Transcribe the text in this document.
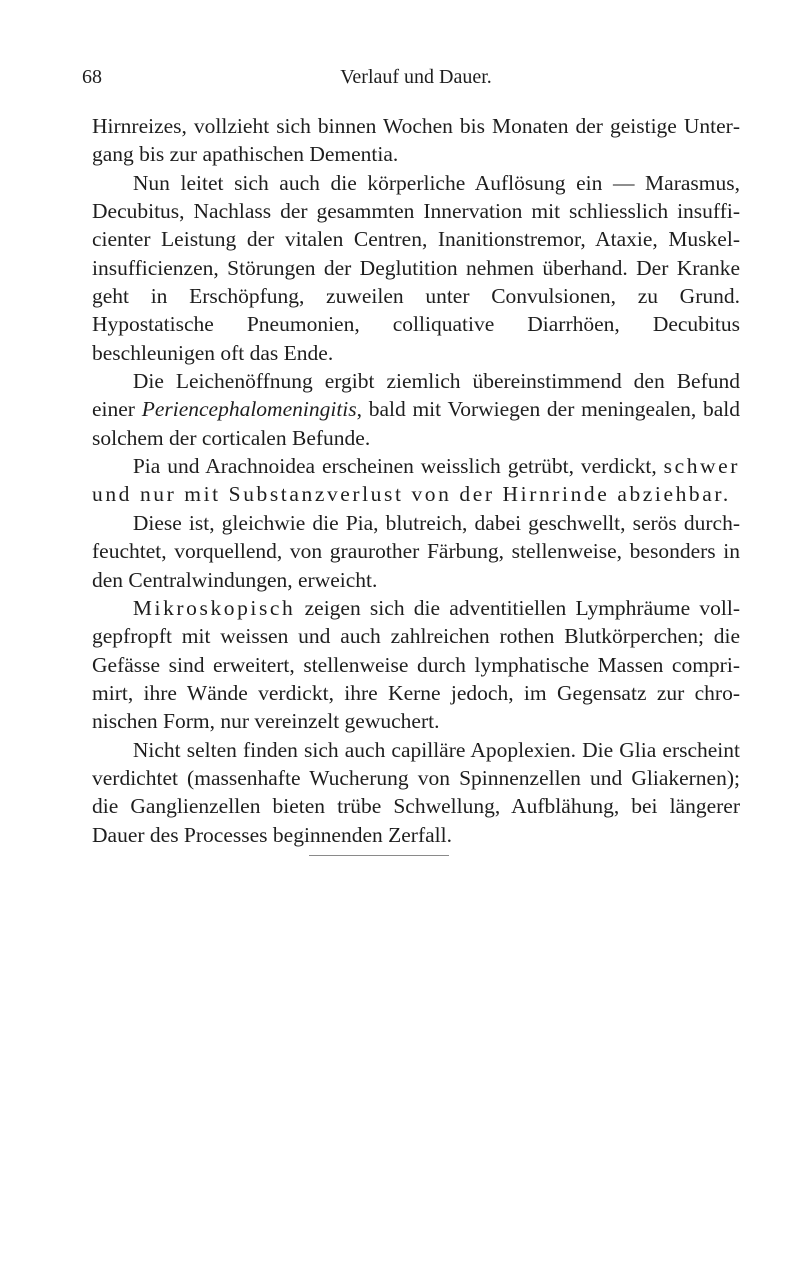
68	Verlauf und Dauer.

Hirnreizes, vollzieht sich binnen Wochen bis Monaten der geistige Untergang bis zur apathischen Dementia.

Nun leitet sich auch die körperliche Auflösung ein — Marasmus, Decubitus, Nachlass der gesammten Innervation mit schliesslich insufficienter Leistung der vitalen Centren, Inanitionstremor, Ataxie, Muskelinsufficienzen, Störungen der Deglutition nehmen überhand. Der Kranke geht in Erschöpfung, zuweilen unter Convulsionen, zu Grund. Hypostatische Pneumonien, colliquative Diarrhöen, Decubitus beschleunigen oft das Ende.

Die Leichenöffnung ergibt ziemlich übereinstimmend den Befund einer Periencephalomeningitis, bald mit Vorwiegen der meningealen, bald solchem der corticalen Befunde.

Pia und Arachnoidea erscheinen weisslich getrübt, verdickt, schwer und nur mit Substanzverlust von der Hirnrinde abziehbar.

Diese ist, gleichwie die Pia, blutreich, dabei geschwellt, serös durchfeuchtet, vorquellend, von graurother Färbung, stellenweise, besonders in den Centralwindungen, erweicht.

Mikroskopisch zeigen sich die adventitiellen Lymphräume vollgepfropft mit weissen und auch zahlreichen rothen Blutkörperchen; die Gefässe sind erweitert, stellenweise durch lymphatische Massen comprimirt, ihre Wände verdickt, ihre Kerne jedoch, im Gegensatz zur chronischen Form, nur vereinzelt gewuchert.

Nicht selten finden sich auch capilläre Apoplexien. Die Glia erscheint verdichtet (massenhafte Wucherung von Spinnenzellen und Gliakernen); die Ganglienzellen bieten trübe Schwellung, Aufblähung, bei längerer Dauer des Processes beginnenden Zerfall.
